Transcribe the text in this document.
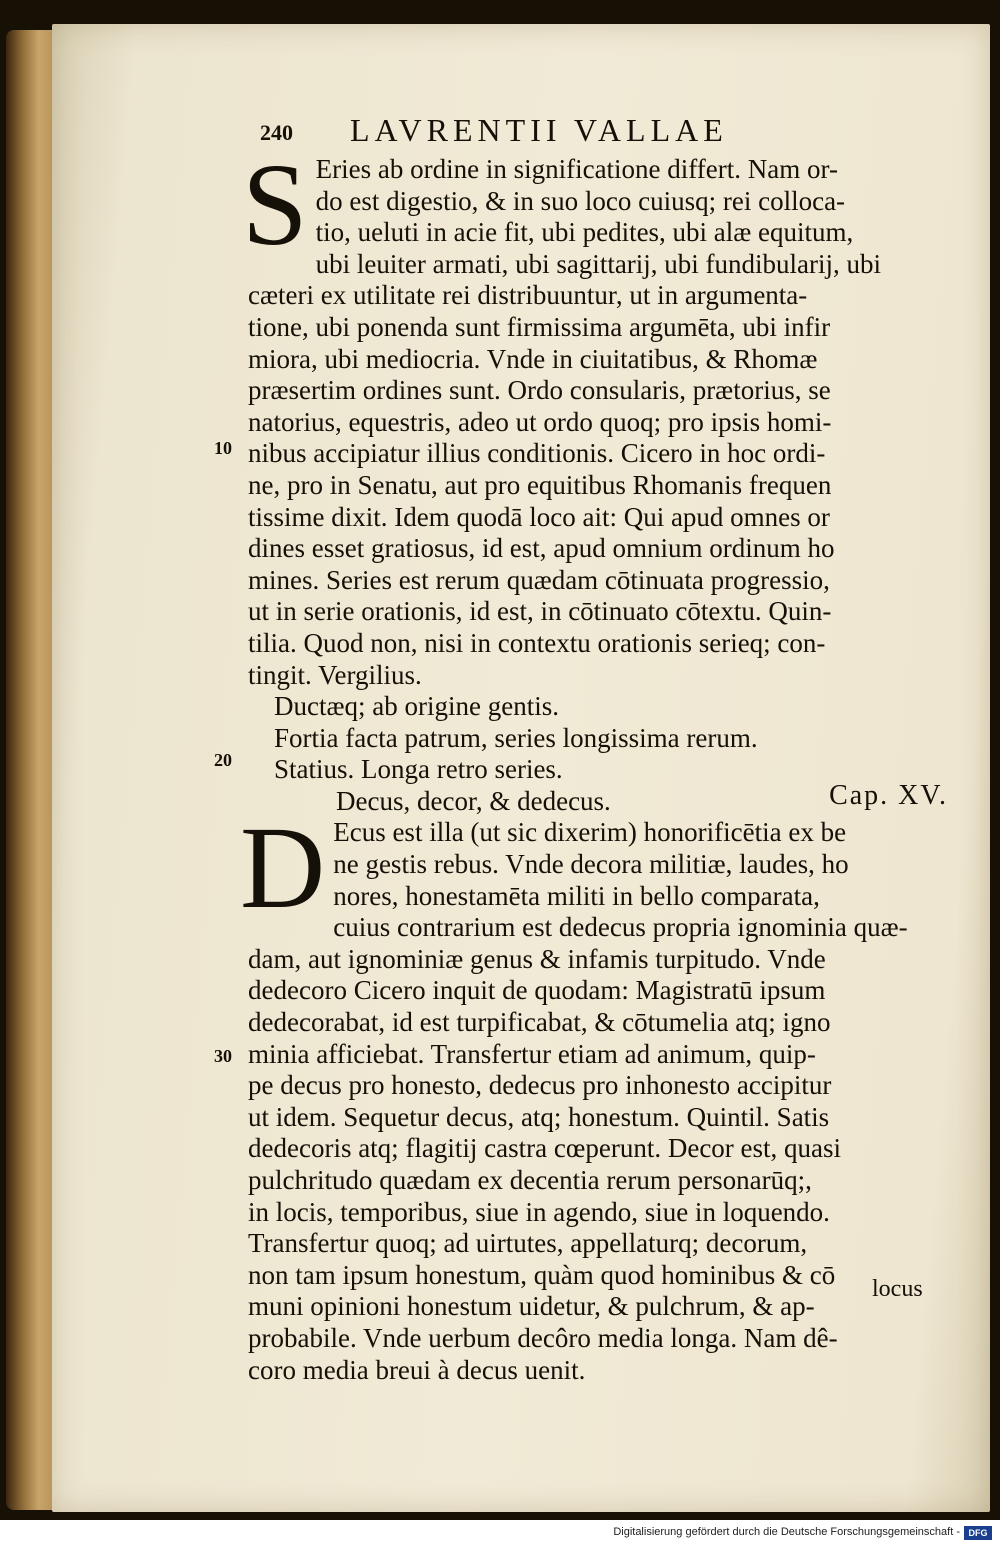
240 LAVRENTII VALLAE
10
20
30
S Eries ab ordine in significatione differt. Nam or-
do est digestio, & in suo loco cuiusq; rei colloca-
tio, ueluti in acie fit, ubi pedites, ubi alæ equitum,
ubi leuiter armati, ubi sagittarij, ubi fundibularij, ubi
cæteri ex utilitate rei distribuuntur, ut in argumenta-
tione, ubi ponenda sunt firmissima argumēta, ubi infir
miora, ubi mediocria. Vnde in ciuitatibus, & Rhomæ
præsertim ordines sunt. Ordo consularis, prætorius, se
natorius, equestris, adeo ut ordo quoq; pro ipsis homi-
nibus accipiatur illius conditionis. Cicero in hoc ordi-
ne, pro in Senatu, aut pro equitibus Rhomanis frequen
tissime dixit. Idem quodā loco ait: Qui apud omnes or
dines esset gratiosus, id est, apud omnium ordinum ho
mines. Series est rerum quædam cōtinuata progressio,
ut in serie orationis, id est, in cōtinuato cōtextu. Quin-
tilia. Quod non, nisi in contextu orationis serieq; con-
tingit. Vergilius.
Ductæq; ab origine gentis.
Fortia facta patrum, series longissima rerum.
Statius. Longa retro series.
Decus, decor, & dedecus.	Cap. XV.
D Ecus est illa (ut sic dixerim) honorificētia ex be
ne gestis rebus. Vnde decora militiæ, laudes, ho
nores, honestamēta militi in bello comparata,
cuius contrarium est dedecus propria ignominia quæ-
dam, aut ignominiæ genus & infamis turpitudo. Vnde
dedecoro Cicero inquit de quodam: Magistratū ipsum
dedecorabat, id est turpificabat, & cōtumelia atq; igno
minia afficiebat. Transfertur etiam ad animum, quip-
pe decus pro honesto, dedecus pro inhonesto accipitur
ut idem. Sequetur decus, atq; honestum. Quintil. Satis
dedecoris atq; flagitij castra cœperunt. Decor est, quasi
pulchritudo quædam ex decentia rerum personarūq;,
in locis, temporibus, siue in agendo, siue in loquendo.
Transfertur quoq; ad uirtutes, appellaturq; decorum,
non tam ipsum honestum, quàm quod hominibus & cō
muni opinioni honestum uidetur, & pulchrum, & ap-
probabile. Vnde uerbum decôro media longa. Nam dê-
coro media breui à decus uenit.
locus
Digitalisierung gefördert durch die Deutsche Forschungsgemeinschaft - DFG
